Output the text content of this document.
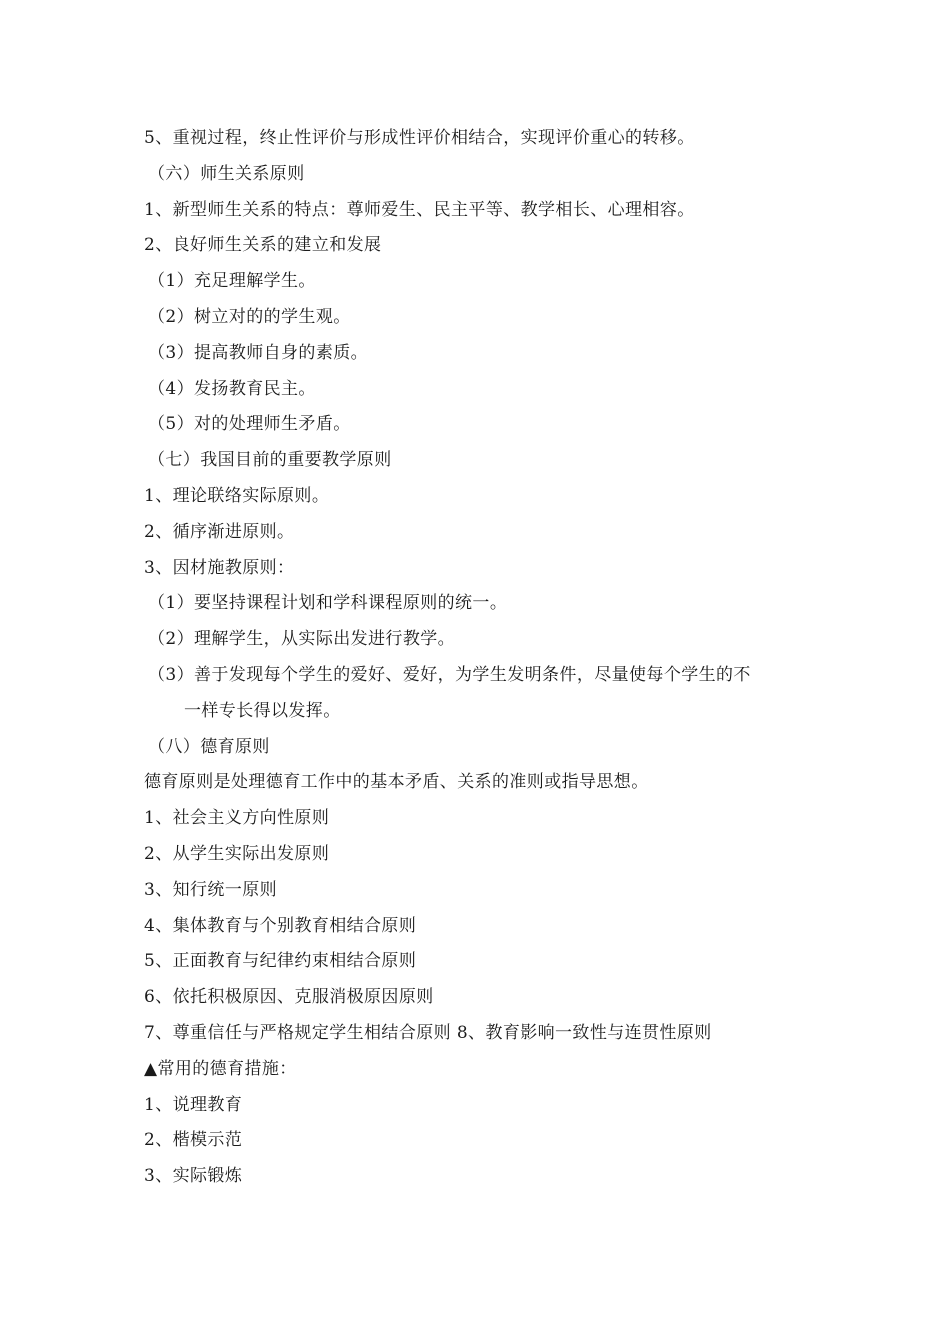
5、重视过程，终止性评价与形成性评价相结合，实现评价重心的转移。
（六）师生关系原则
1、新型师生关系的特点：尊师爱生、民主平等、教学相长、心理相容。
2、良好师生关系的建立和发展
（1）充足理解学生。
（2）树立对的的学生观。
（3）提高教师自身的素质。
（4）发扬教育民主。
（5）对的处理师生矛盾。
（七）我国目前的重要教学原则
1、理论联络实际原则。
2、循序渐进原则。
3、因材施教原则：
（1）要坚持课程计划和学科课程原则的统一。
（2）理解学生，从实际出发进行教学。
（3）善于发现每个学生的爱好、爱好，为学生发明条件，尽量使每个学生的不
一样专长得以发挥。
（八）德育原则
德育原则是处理德育工作中的基本矛盾、关系的准则或指导思想。
1、社会主义方向性原则
2、从学生实际出发原则
3、知行统一原则
4、集体教育与个别教育相结合原则
5、正面教育与纪律约束相结合原则
6、依托积极原因、克服消极原因原则
7、尊重信任与严格规定学生相结合原则 8、教育影响一致性与连贯性原则
▲常用的德育措施：
1、说理教育
2、楷模示范
3、实际锻炼
